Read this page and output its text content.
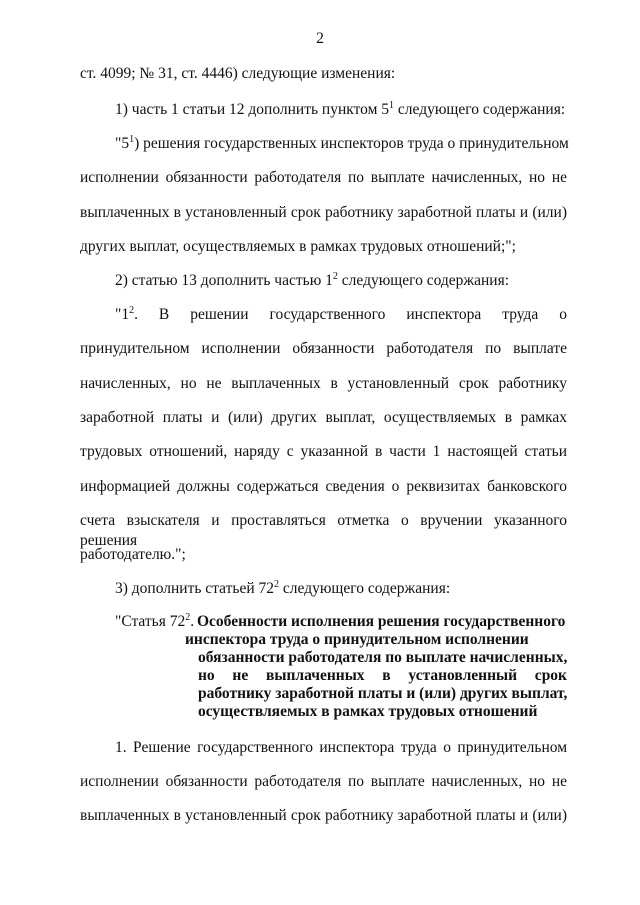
2
ст. 4099; № 31, ст. 4446) следующие изменения:
1) часть 1 статьи 12 дополнить пунктом $5^1$ следующего содержания:
"$5^1$) решения государственных инспекторов труда о принудительном
исполнении обязанности работодателя по выплате начисленных, но не
выплаченных в установленный срок работнику заработной платы и (или)
других выплат, осуществляемых в рамках трудовых отношений;";
2) статью 13 дополнить частью $1^2$ следующего содержания:
"$1^2$. В решении государственного инспектора труда о
принудительном исполнении обязанности работодателя по выплате
начисленных, но не выплаченных в установленный срок работнику
заработной платы и (или) других выплат, осуществляемых в рамках
трудовых отношений, наряду с указанной в части 1 настоящей статьи
информацией должны содержаться сведения о реквизитах банковского
счета взыскателя и проставляться отметка о вручении указанного решения
работодателю.";
3) дополнить статьей $72^2$ следующего содержания:
"Статья $72^2$. Особенности исполнения решения государственного
инспектора труда о принудительном исполнении
обязанности работодателя по выплате начисленных,
но не выплаченных в установленный срок
работнику заработной платы и (или) других выплат,
осуществляемых в рамках трудовых отношений
1. Решение государственного инспектора труда о принудительном
исполнении обязанности работодателя по выплате начисленных, но не
выплаченных в установленный срок работнику заработной платы и (или)
